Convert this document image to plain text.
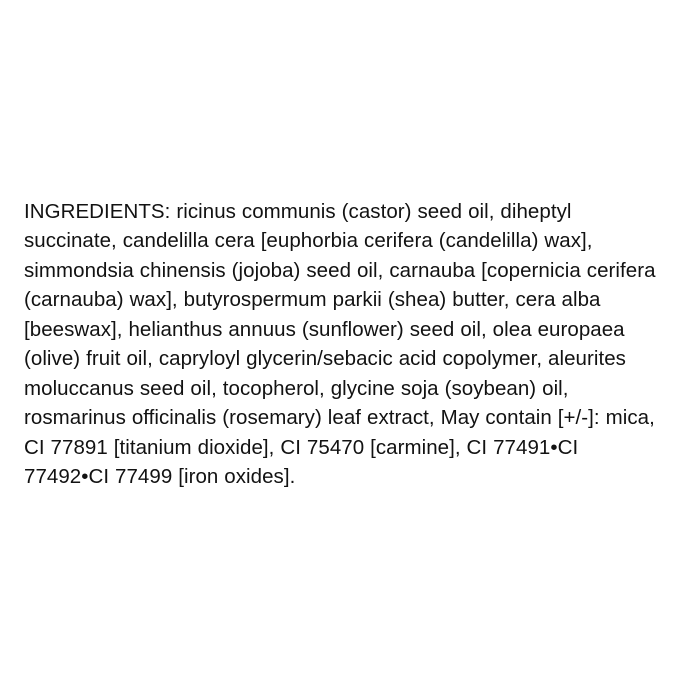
INGREDIENTS: ricinus communis (castor) seed oil, diheptyl succinate, candelilla cera [euphorbia cerifera (candelilla) wax], simmondsia chinensis (jojoba) seed oil, carnauba [copernicia cerifera (carnauba) wax], butyrospermum parkii (shea) butter, cera alba [beeswax], helianthus annuus (sunflower) seed oil, olea europaea (olive) fruit oil, capryloyl glycerin/sebacic acid copolymer, aleurites moluccanus seed oil, tocopherol, glycine soja (soybean) oil, rosmarinus officinalis (rosemary) leaf extract, May contain [+/-]: mica, CI 77891 [titanium dioxide], CI 75470 [carmine], CI 77491•CI 77492•CI 77499 [iron oxides].
